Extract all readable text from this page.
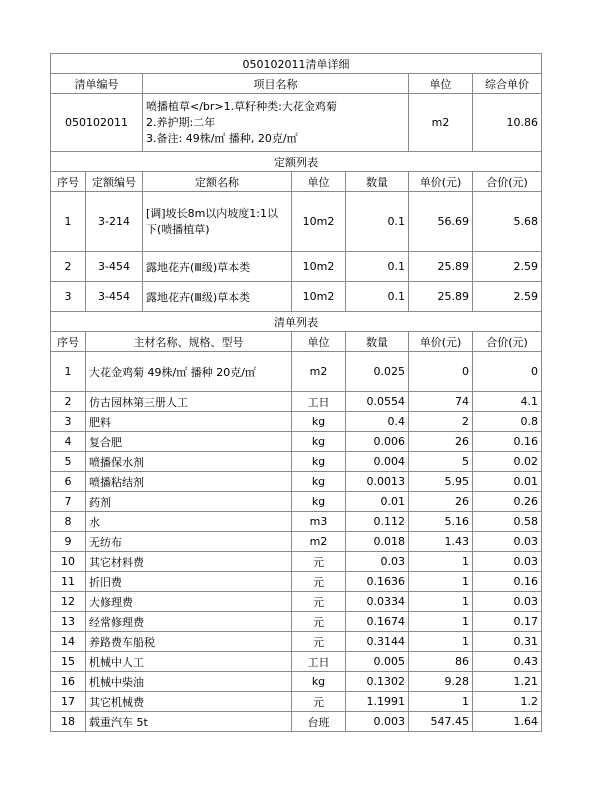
050102011清单详细						
清单编号		项目名称			单位	综合单价
050102011		喷播植草</br>1.草籽种类:大花金鸡菊
2.养护期:二年
3.备注: 49株/㎡ 播种, 20克/㎡			m2	10.86
定额列表						
序号	定额编号	定额名称	单位	数量	单价(元)	合价(元)
1	3-214	[调]坡长8m以内坡度1:1以下(喷播植草)	10m2	0.1	56.69	5.68
2	3-454	露地花卉(Ⅲ级)草本类	10m2	0.1	25.89	2.59
3	3-454	露地花卉(Ⅲ级)草本类	10m2	0.1	25.89	2.59
清单列表						
序号	主材名称、规格、型号		单位	数量	单价(元)	合价(元)
1	大花金鸡菊 49株/㎡ 播种 20克/㎡		m2	0.025	0	0
2	仿古园林第三册人工		工日	0.0554	74	4.1
3	肥料		kg	0.4	2	0.8
4	复合肥		kg	0.006	26	0.16
5	喷播保水剂		kg	0.004	5	0.02
6	喷播粘结剂		kg	0.0013	5.95	0.01
7	药剂		kg	0.01	26	0.26
8	水		m3	0.112	5.16	0.58
9	无纺布		m2	0.018	1.43	0.03
10	其它材料费		元	0.03	1	0.03
11	折旧费		元	0.1636	1	0.16
12	大修理费		元	0.0334	1	0.03
13	经常修理费		元	0.1674	1	0.17
14	养路费车船税		元	0.3144	1	0.31
15	机械中人工		工日	0.005	86	0.43
16	机械中柴油		kg	0.1302	9.28	1.21
17	其它机械费		元	1.1991	1	1.2
18	载重汽车 5t		台班	0.003	547.45	1.64
